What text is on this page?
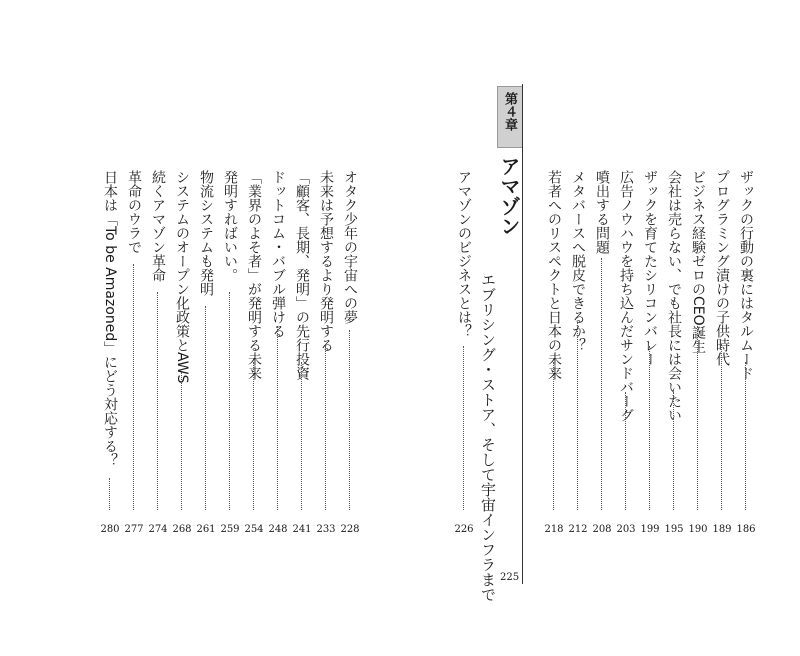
ザックの行動の裏にはタルムード
186
プログラミング漬けの子供時代
189
ビジネス経験ゼロのCEO誕生
190
会社は売らない、でも社長には会いたい
195
ザックを育てたシリコンバレー
199
広告ノウハウを持ち込んだサンドバーグ
203
噴出する問題
208
メタバースへ脱皮できるか？
212
若者へのリスペクトと日本の未来
218
第４章
アマゾン
エブリシング・ストア、そして宇宙インフラまで 225
アマゾンのビジネスとは？
226
オタク少年の宇宙への夢
228
未来は予想するより発明する
233
「顧客、長期、発明」の先行投資
241
ドットコム・バブル弾ける
248
「業界のよそ者」が発明する未来
254
発明すればいい。
259
物流システムも発明
261
システムのオープン化政策とAWS
268
続くアマゾン革命
274
革命のウラで
277
日本は「To be Amazoned」にどう対応する？
280
